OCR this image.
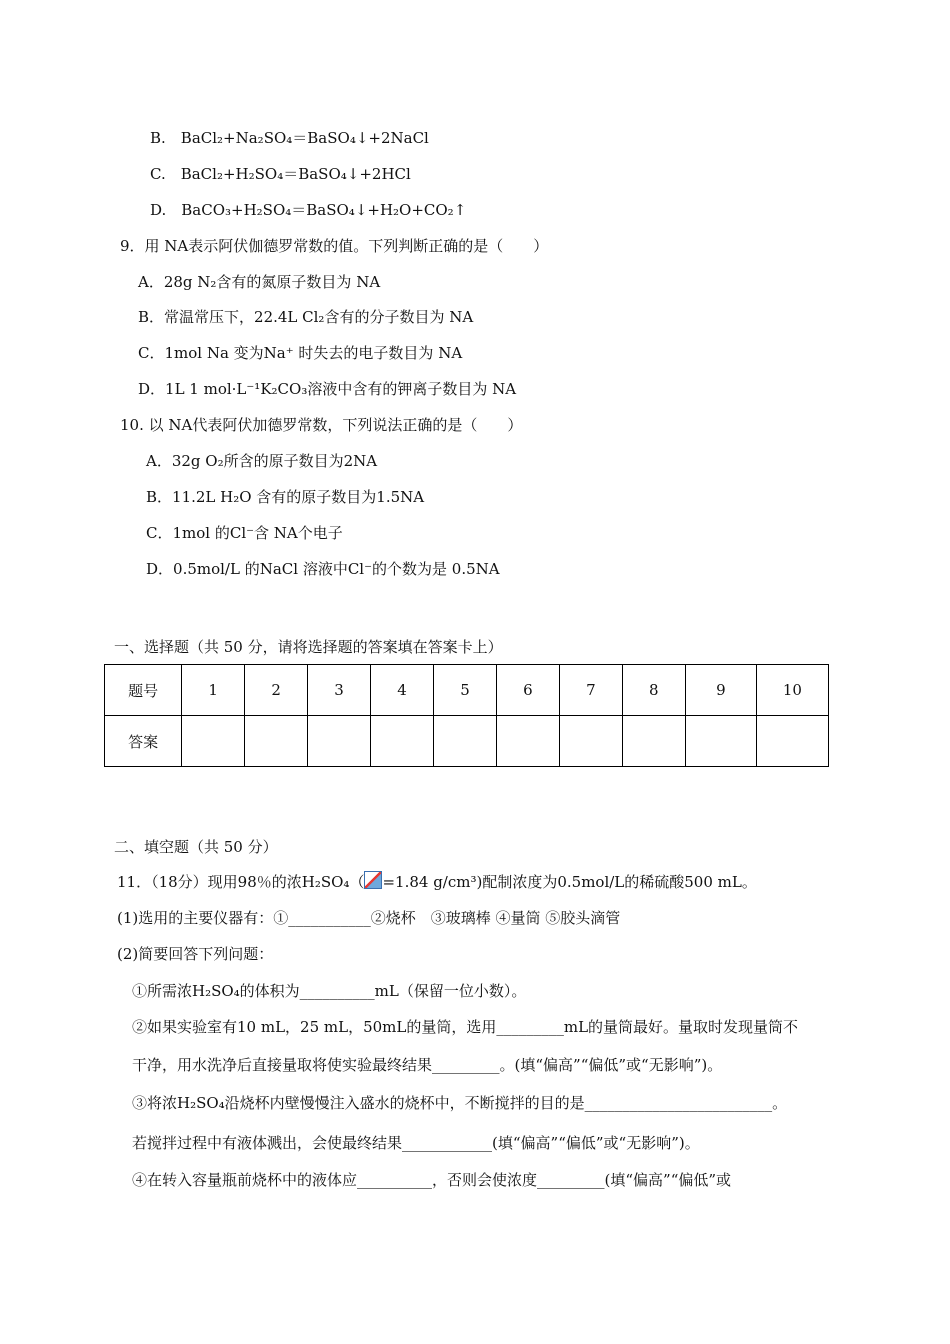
B.　BaCl₂+Na₂SO₄＝BaSO₄↓+2NaCl
C.　BaCl₂+H₂SO₄＝BaSO₄↓+2HCl
D.　BaCO₃+H₂SO₄＝BaSO₄↓+H₂O+CO₂↑
9．用 NA表示阿伏伽德罗常数的值。下列判断正确的是（　　）
A．28g N₂含有的氮原子数目为 NA
B．常温常压下，22.4L Cl₂含有的分子数目为 NA
C．1mol Na 变为Na⁺ 时失去的电子数目为 NA
D．1L 1 mol·L⁻¹K₂CO₃溶液中含有的钾离子数目为 NA
10. 以 NA代表阿伏加德罗常数，下列说法正确的是（　　）
A．32g O₂所含的原子数目为2NA
B．11.2L H₂O 含有的原子数目为1.5NA
C．1mol 的Cl⁻含 NA个电子
D．0.5mol/L 的NaCl 溶液中Cl⁻的个数为是 0.5NA
一、选择题（共 50 分，请将选择题的答案填在答案卡上）
题号	1	2	3	4	5	6	7	8	9	10
答案										
二、填空题（共 50 分）
11．（18分）现用98％的浓H₂SO₄（ =1.84 g/cm³)配制浓度为0.5mol/L的稀硫酸500 mL。
(1)选用的主要仪器有：①___________②烧杯　③玻璃棒 ④量筒 ⑤胶头滴管
(2)简要回答下列问题：
①所需浓H₂SO₄的体积为__________mL（保留一位小数）。
②如果实验室有10 mL，25 mL，50mL的量筒，选用_________mL的量筒最好。量取时发现量筒不
干净，用水洗净后直接量取将使实验最终结果_________。(填“偏高”“偏低”或“无影响”)。
③将浓H₂SO₄沿烧杯内壁慢慢注入盛水的烧杯中，不断搅拌的目的是_________________________。
若搅拌过程中有液体溅出，会使最终结果____________(填“偏高”“偏低”或“无影响”)。
④在转入容量瓶前烧杯中的液体应__________，否则会使浓度_________(填“偏高”“偏低”或
